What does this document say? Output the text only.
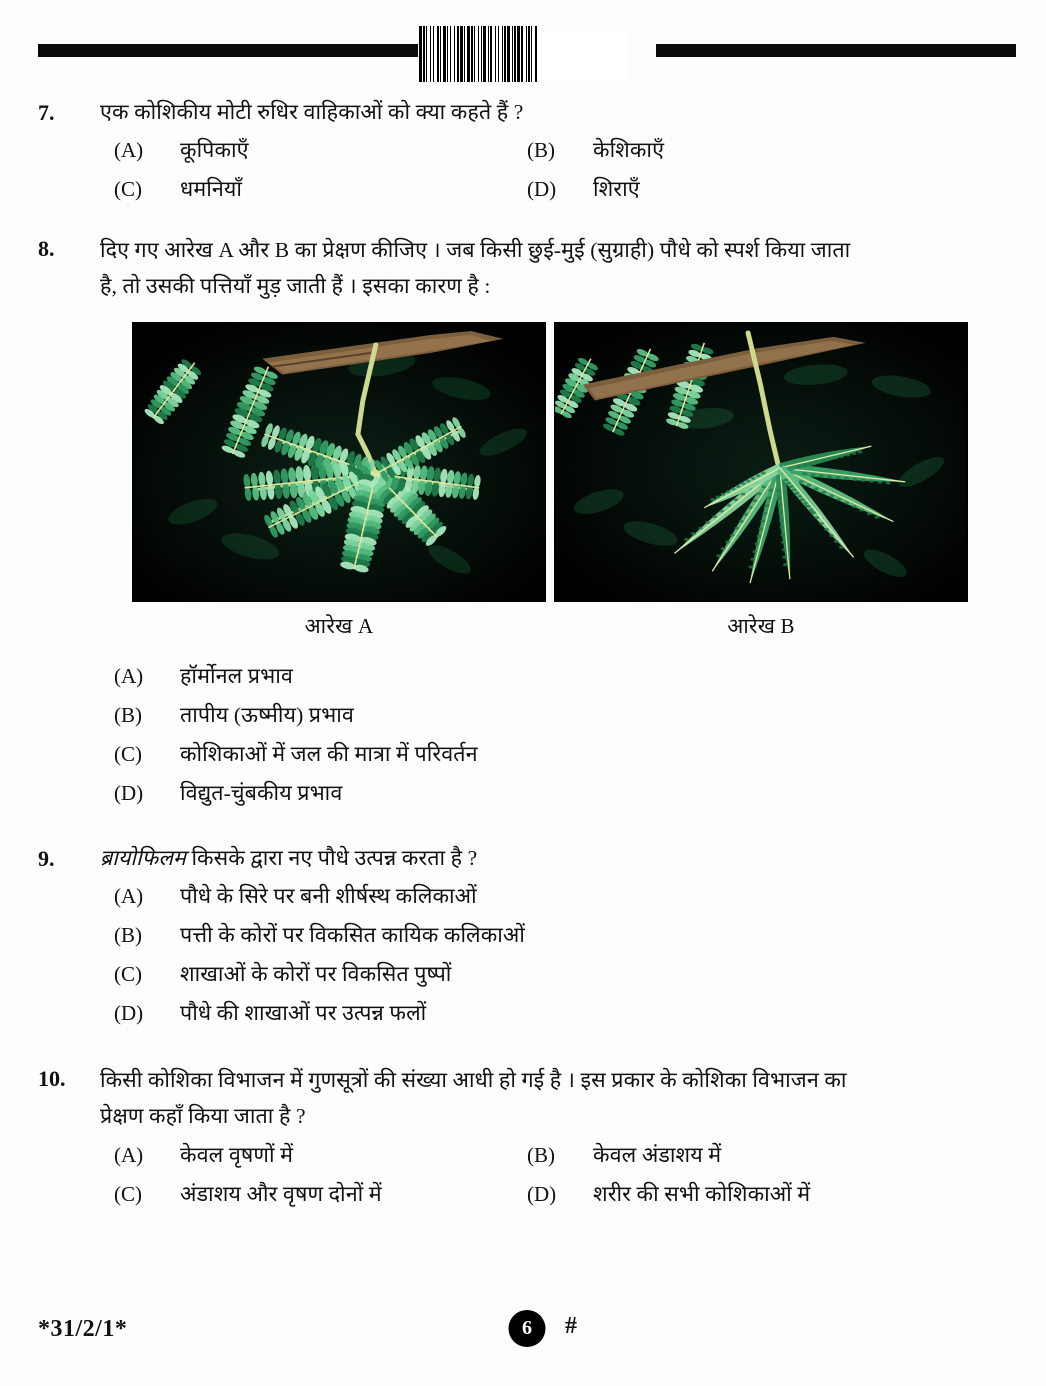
7.	एक कोशिकीय मोटी रुधिर वाहिकाओं को क्या कहते हैं ?
(A)	कूपिकाएँ	(B)	केशिकाएँ
(C)	धमनियाँ	(D)	शिराएँ
8.	दिए गए आरेख A और B का प्रेक्षण कीजिए । जब किसी छुई-मुई (सुग्राही) पौधे को स्पर्श किया जाता
है, तो उसकी पत्तियाँ मुड़ जाती हैं । इसका कारण है :
आरेख A	आरेख B
(A)	हॉर्मोनल प्रभाव
(B)	तापीय (ऊष्मीय) प्रभाव
(C)	कोशिकाओं में जल की मात्रा में परिवर्तन
(D)	विद्युत-चुंबकीय प्रभाव
9.	ब्रायोफिलम किसके द्वारा नए पौधे उत्पन्न करता है ?
(A)	पौधे के सिरे पर बनी शीर्षस्थ कलिकाओं
(B)	पत्ती के कोरों पर विकसित कायिक कलिकाओं
(C)	शाखाओं के कोरों पर विकसित पुष्पों
(D)	पौधे की शाखाओं पर उत्पन्न फलों
10.	किसी कोशिका विभाजन में गुणसूत्रों की संख्या आधी हो गई है । इस प्रकार के कोशिका विभाजन का
प्रेक्षण कहाँ किया जाता है ?
(A)	केवल वृषणों में	(B)	केवल अंडाशय में
(C)	अंडाशय और वृषण दोनों में	(D)	शरीर की सभी कोशिकाओं में
*31/2/1*	6	#
